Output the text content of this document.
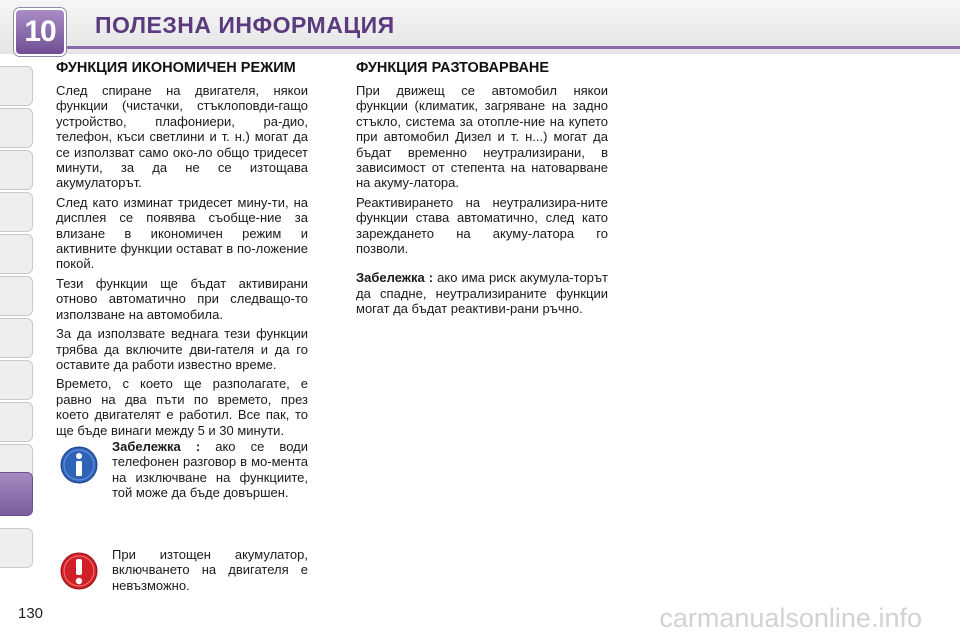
10	ПОЛЕЗНА ИНФОРМАЦИЯ
ФУНКЦИЯ ИКОНОМИЧЕН РЕЖИМ

След спиране на двигателя, някои функции (чистачки, стъклоповди-гащо устройство, плафониери, ра-дио, телефон, къси светлини и т. н.) могат да се използват само око-ло общо тридесет минути, за да не се изтощава акумулаторът.

След като изминат тридесет мину-ти, на дисплея се появява съобще-ние за влизане в икономичен режим и активните функции остават в по-ложение покой.

Тези функции ще бъдат активирани отново автоматично при следващо-то използване на автомобила.

За да използвате веднага тези функции трябва да включите дви-гателя и да го оставите да работи известно време.

Времето, с което ще разполагате, е равно на два пъти по времето, през което двигателят е работил. Все пак, то ще бъде винаги между 5 и 30 минути.

Забележка : ако се води телефонен разговор в мо-мента на изключване на функциите, той може да бъде довършен.
При изтощен акумулатор, включването на двигателя е невъзможно.
ФУНКЦИЯ РАЗТОВАРВАНЕ

При движещ се автомобил някои функции (климатик, загряване на задно стъкло, система за отопле-ние на купето при автомобил Дизел и т. н...) могат да бъдат временно неутрализирани, в зависимост от степента на натоварване на акуму-латора.

Реактивирането на неутрализира-ните функции става автоматично, след като зареждането на акуму-латора го позволи.

Забележка : ако има риск акумула-торът да спадне, неутрализираните функции могат да бъдат реактиви-рани ръчно.

130	carmanualsonline.info
